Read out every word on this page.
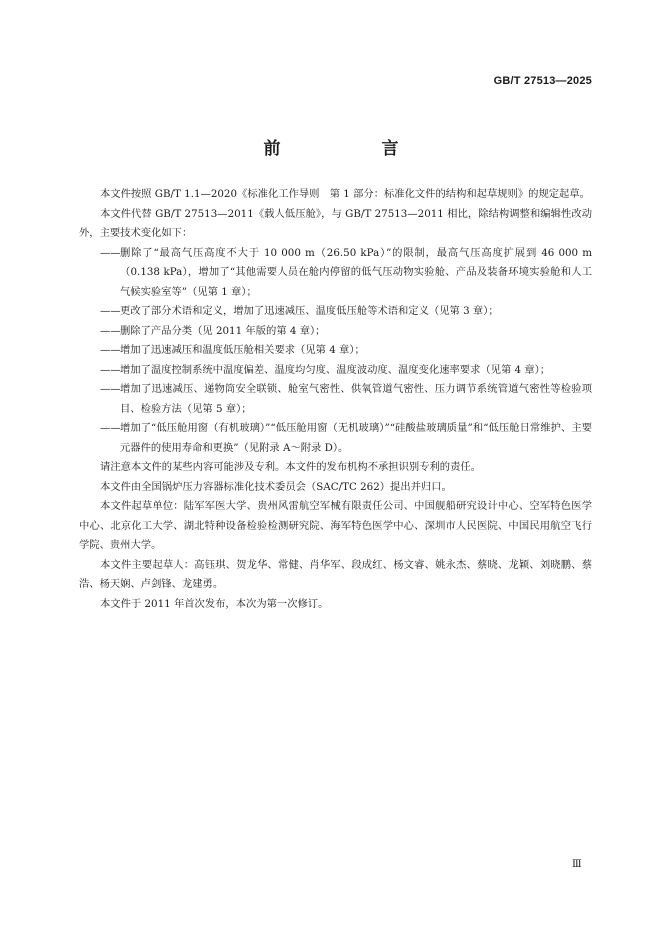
GB/T 27513—2025
前　言

本文件按照 GB/T 1.1—2020《标准化工作导则　第 1 部分：标准化文件的结构和起草规则》的规定起草。

本文件代替 GB/T 27513—2011《载人低压舱》，与 GB/T 27513—2011 相比，除结构调整和编辑性改动外，主要技术变化如下：

—— 删除了“最高气压高度不大于 10 000 m（26.50 kPa）”的限制，最高气压高度扩展到 46 000 m（0.138 kPa），增加了“其他需要人员在舱内停留的低气压动物实验舱、产品及装备环境实验舱和人工气候实验室等”（见第 1 章）；

—— 更改了部分术语和定义，增加了迅速减压、温度低压舱等术语和定义（见第 3 章）；

—— 删除了产品分类（见 2011 年版的第 4 章）；

—— 增加了迅速减压和温度低压舱相关要求（见第 4 章）；

—— 增加了温度控制系统中温度偏差、温度均匀度、温度波动度、温度变化速率要求（见第 4 章）；

—— 增加了迅速减压、递物筒安全联锁、舱室气密性、供氧管道气密性、压力调节系统管道气密性等检验项目、检验方法（见第 5 章）；

—— 增加了“低压舱用窗（有机玻璃）”“低压舱用窗（无机玻璃）”“硅酸盐玻璃质量”和“低压舱日常维护、主要元器件的使用寿命和更换”（见附录 A～附录 D）。

请注意本文件的某些内容可能涉及专利。本文件的发布机构不承担识别专利的责任。

本文件由全国锅炉压力容器标准化技术委员会（SAC/TC 262）提出并归口。

本文件起草单位：陆军军医大学、贵州风雷航空军械有限责任公司、中国舰船研究设计中心、空军特色医学中心、北京化工大学、湖北特种设备检验检测研究院、海军特色医学中心、深圳市人民医院、中国民用航空飞行学院、贵州大学。

本文件主要起草人：高钰琪、贺龙华、常健、肖华军、段成红、杨文睿、姚永杰、蔡晓、龙颖、刘晓鹏、蔡浩、杨天娴、卢剑锋、龙建勇。

本文件于 2011 年首次发布，本次为第一次修订。

Ⅲ
